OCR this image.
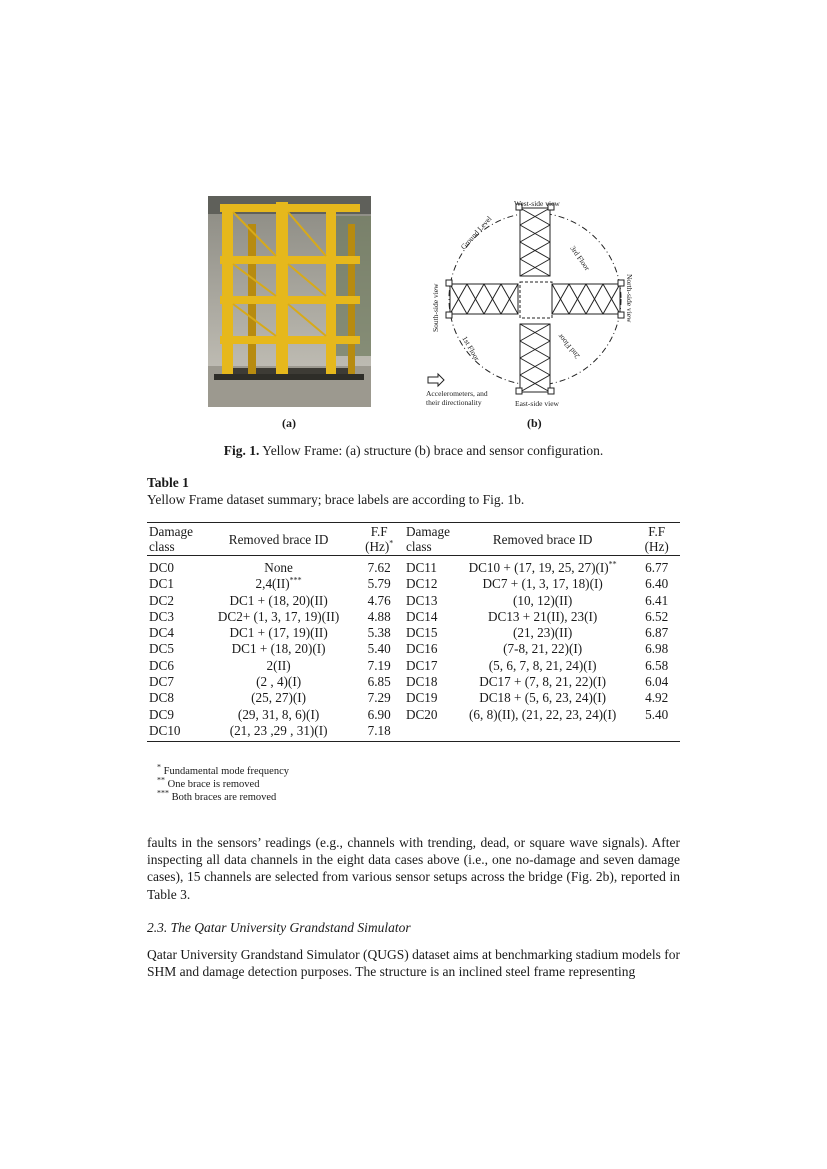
(a)
West-side view
East-side view
North-side view
South-side view
Ground Level
3rd Floor
2nd Floor
1st Floor
Accelerometers, and
their directionality
(b)
Fig. 1. Yellow Frame: (a) structure (b) brace and sensor configuration.
Table 1
Yellow Frame dataset summary; brace labels are according to Fig. 1b.
Damage class	Removed brace ID	F.F (Hz)*	Damage class	Removed brace ID	F.F (Hz)
DC0	None	7.62	DC11	DC10 + (17, 19, 25, 27)(I)**	6.77
DC1	2,4(II)***	5.79	DC12	DC7 + (1, 3, 17, 18)(I)	6.40
DC2	DC1 + (18, 20)(II)	4.76	DC13	(10, 12)(II)	6.41
DC3	DC2+ (1, 3, 17, 19)(II)	4.88	DC14	DC13 + 21(II), 23(I)	6.52
DC4	DC1 + (17, 19)(II)	5.38	DC15	(21, 23)(II)	6.87
DC5	DC1 + (18, 20)(I)	5.40	DC16	(7-8, 21, 22)(I)	6.98
DC6	2(II)	7.19	DC17	(5, 6, 7, 8, 21, 24)(I)	6.58
DC7	(2 , 4)(I)	6.85	DC18	DC17 + (7, 8, 21, 22)(I)	6.04
DC8	(25, 27)(I)	7.29	DC19	DC18 + (5, 6, 23, 24)(I)	4.92
DC9	(29, 31, 8, 6)(I)	6.90	DC20	(6, 8)(II), (21, 22, 23, 24)(I)	5.40
DC10	(21, 23 ,29 , 31)(I)	7.18			
* Fundamental mode frequency
** One brace is removed
*** Both braces are removed
faults in the sensors’ readings (e.g., channels with trending, dead, or square wave signals). After inspecting all data channels in the eight data cases above (i.e., one no-damage and seven damage cases), 15 channels are selected from various sensor setups across the bridge (Fig. 2b), reported in Table 3.
2.3. The Qatar University Grandstand Simulator
Qatar University Grandstand Simulator (QUGS) dataset aims at benchmarking stadium models for SHM and damage detection purposes. The structure is an inclined steel frame representing
